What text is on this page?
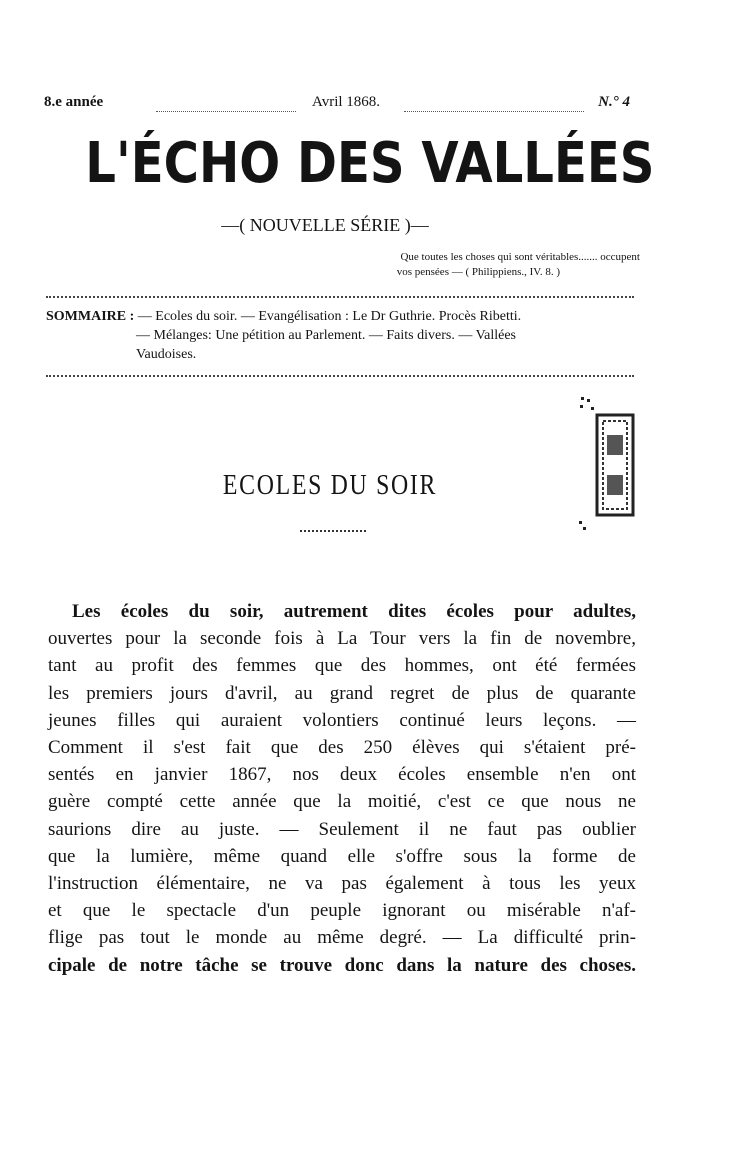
8.e année	Avril 1868.	N.° 4
L'ÉCHO DES VALLÉES
—( NOUVELLE SÉRIE )—
Que toutes les choses qui sont véritables....... occupent
vos pensées — ( Philippiens., IV. 8. )
SOMMAIRE : — Ecoles du soir. — Evangélisation : Le Dr Guthrie. Procès Ribetti.
— Mélanges: Une pétition au Parlement. — Faits divers. — Vallées
Vaudoises.
ECOLES DU SOIR
Les écoles du soir, autrement dites écoles pour adultes,
ouvertes pour la seconde fois à La Tour vers la fin de novembre,
tant au profit des femmes que des hommes, ont été fermées
les premiers jours d'avril, au grand regret de plus de quarante
jeunes filles qui auraient volontiers continué leurs leçons. —
Comment il s'est fait que des 250 élèves qui s'étaient pré-
sentés en janvier 1867, nos deux écoles ensemble n'en ont
guère compté cette année que la moitié, c'est ce que nous ne
saurions dire au juste. — Seulement il ne faut pas oublier
que la lumière, même quand elle s'offre sous la forme de
l'instruction élémentaire, ne va pas également à tous les yeux
et que le spectacle d'un peuple ignorant ou misérable n'af-
flige pas tout le monde au même degré. — La difficulté prin-
cipale de notre tâche se trouve donc dans la nature des choses.
